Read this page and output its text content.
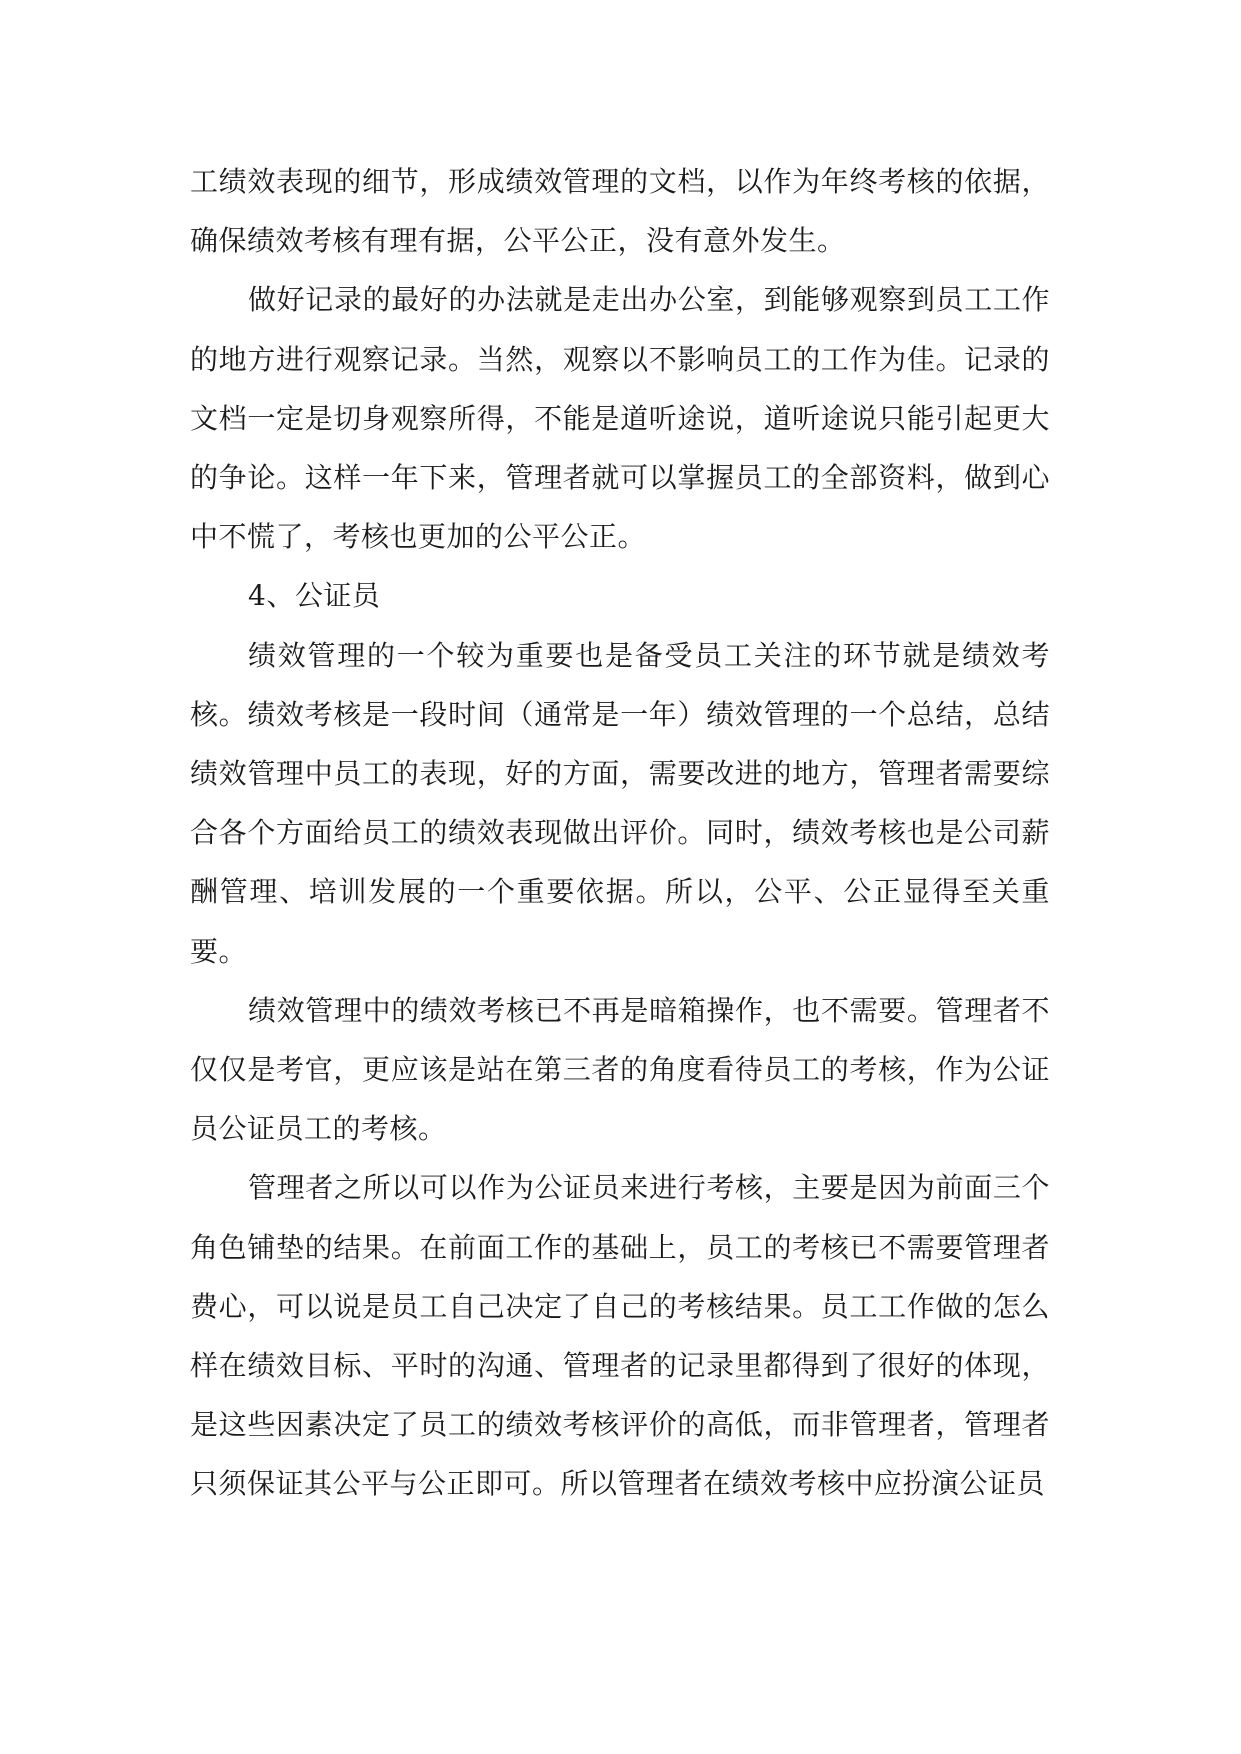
工绩效表现的细节，形成绩效管理的文档，以作为年终考核的依据，确保绩效考核有理有据，公平公正，没有意外发生。

做好记录的最好的办法就是走出办公室，到能够观察到员工工作的地方进行观察记录。当然，观察以不影响员工的工作为佳。记录的文档一定是切身观察所得，不能是道听途说，道听途说只能引起更大的争论。这样一年下来，管理者就可以掌握员工的全部资料，做到心中不慌了，考核也更加的公平公正。

4、公证员

绩效管理的一个较为重要也是备受员工关注的环节就是绩效考核。绩效考核是一段时间（通常是一年）绩效管理的一个总结，总结绩效管理中员工的表现，好的方面，需要改进的地方，管理者需要综合各个方面给员工的绩效表现做出评价。同时，绩效考核也是公司薪酬管理、培训发展的一个重要依据。所以，公平、公正显得至关重要。

绩效管理中的绩效考核已不再是暗箱操作，也不需要。管理者不仅仅是考官，更应该是站在第三者的角度看待员工的考核，作为公证员公证员工的考核。

管理者之所以可以作为公证员来进行考核，主要是因为前面三个角色铺垫的结果。在前面工作的基础上，员工的考核已不需要管理者费心，可以说是员工自己决定了自己的考核结果。员工工作做的怎么样在绩效目标、平时的沟通、管理者的记录里都得到了很好的体现，是这些因素决定了员工的绩效考核评价的高低，而非管理者，管理者只须保证其公平与公正即可。所以管理者在绩效考核中应扮演公证员
